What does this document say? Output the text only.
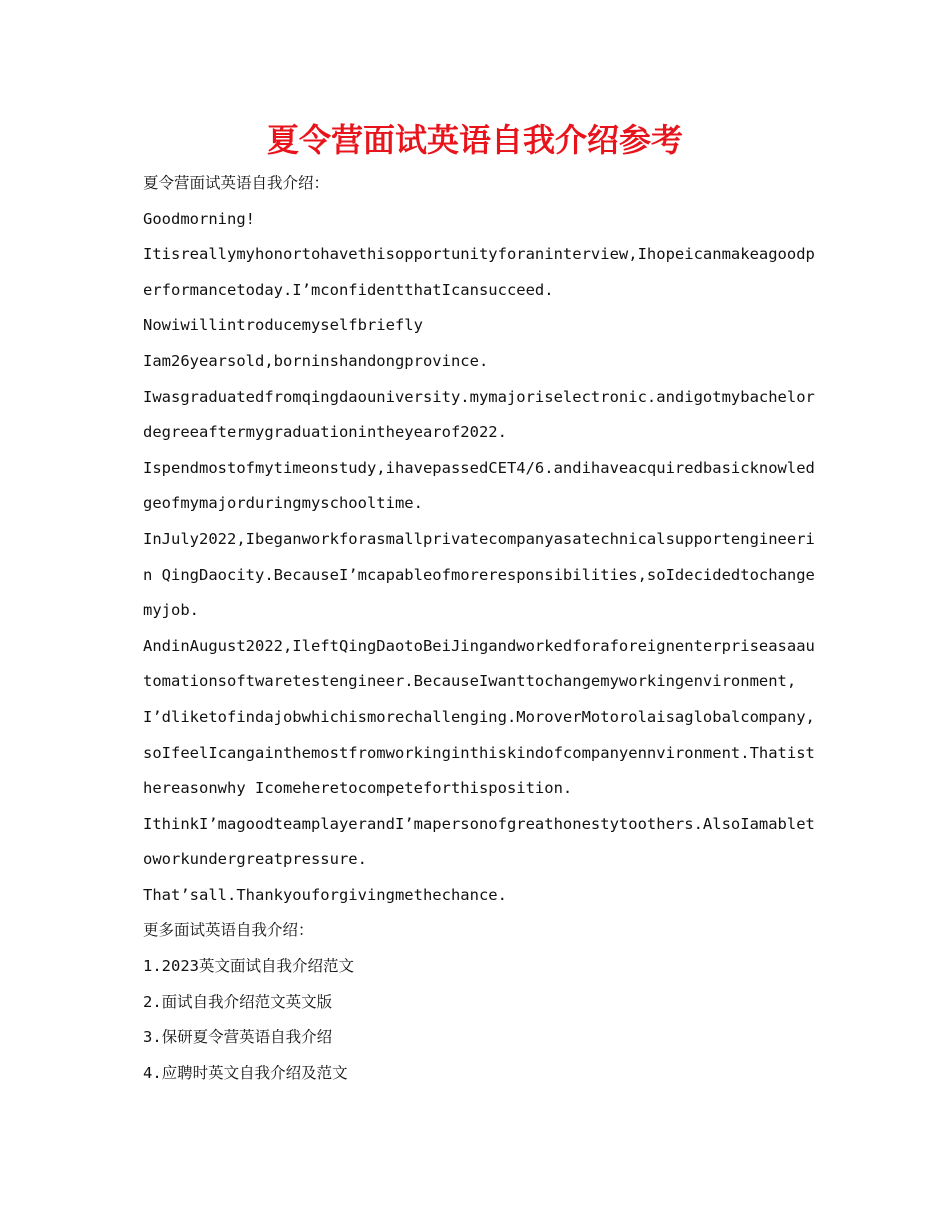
夏令营面试英语自我介绍参考
夏令营面试英语自我介绍：
Goodmorning!
Itisreallymyhonortohavethisopportunityforaninterview,Ihopeicanmakeagoodperformancetoday.I’mconfidentthatIcansucceed.
Nowiwillintroducemyselfbriefly
Iam26yearsold,borninshandongprovince.
Iwasgraduatedfromqingdaouniversity.mymajoriselectronic.andigotmybachelordegreeaftermygraduationintheyearof2022.
Ispendmostofmytimeonstudy,ihavepassedCET4/6.andihaveacquiredbasicknowledgeofmymajorduringmyschooltime.
InJuly2022,Ibeganworkforasmallprivatecompanyasatechnicalsupportengineerin QingDaocity.BecauseI’mcapableofmoreresponsibilities,soIdecidedtochangemyjob.
AndinAugust2022,IleftQingDaotoBeiJingandworkedforaforeignenterpriseasaautomationsoftwaretestengineer.BecauseIwanttochangemyworkingenvironment,I’dliketofindajobwhichismorechallenging.MoroverMotorolaisaglobalcompany,soIfeelIcangainthemostfromworkinginthiskindofcompanyennvironment.Thatisthereasonwhy Icomeheretocompeteforthisposition.
IthinkI’magoodteamplayerandI’mapersonofgreathonestytoothers.AlsoIamabletoworkundergreatpressure.
That’sall.Thankyouforgivingmethechance.
更多面试英语自我介绍：
1.2023英文面试自我介绍范文
2.面试自我介绍范文英文版
3.保研夏令营英语自我介绍
4.应聘时英文自我介绍及范文
